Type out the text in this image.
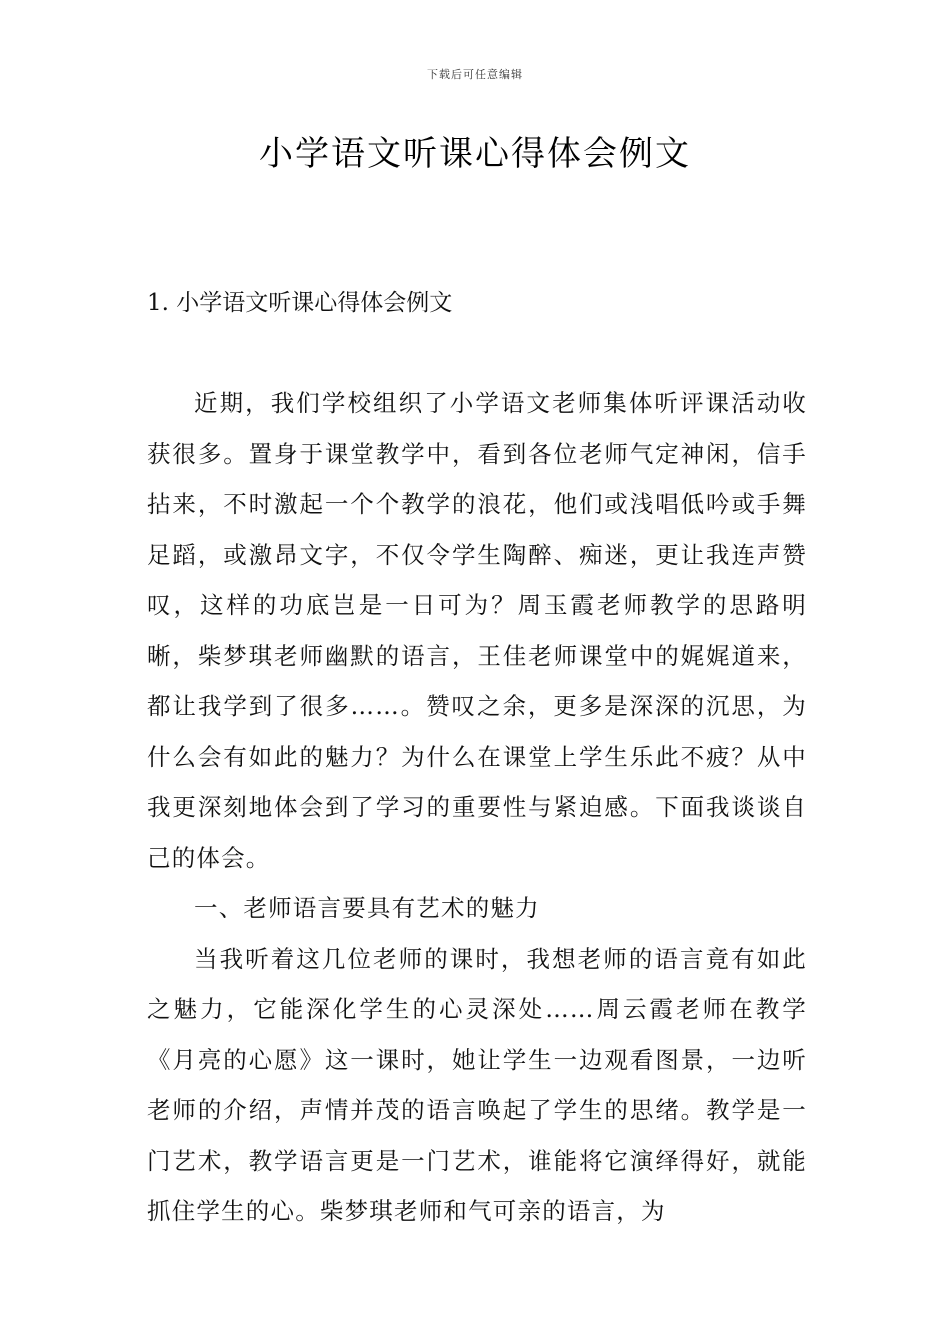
下载后可任意编辑
小学语文听课心得体会例文
1. 小学语文听课心得体会例文

近期，我们学校组织了小学语文老师集体听评课活动收获很多。置身于课堂教学中，看到各位老师气定神闲，信手拈来，不时激起一个个教学的浪花，他们或浅唱低吟或手舞足蹈，或激昂文字，不仅令学生陶醉、痴迷，更让我连声赞叹，这样的功底岂是一日可为？周玉霞老师教学的思路明晰，柴梦琪老师幽默的语言，王佳老师课堂中的娓娓道来，都让我学到了很多……。赞叹之余，更多是深深的沉思，为什么会有如此的魅力？为什么在课堂上学生乐此不疲？从中我更深刻地体会到了学习的重要性与紧迫感。下面我谈谈自己的体会。

一、老师语言要具有艺术的魅力

当我听着这几位老师的课时，我想老师的语言竟有如此之魅力，它能深化学生的心灵深处……周云霞老师在教学《月亮的心愿》这一课时，她让学生一边观看图景，一边听老师的介绍，声情并茂的语言唤起了学生的思绪。教学是一门艺术，教学语言更是一门艺术，谁能将它演绎得好，就能抓住学生的心。柴梦琪老师和气可亲的语言，为
